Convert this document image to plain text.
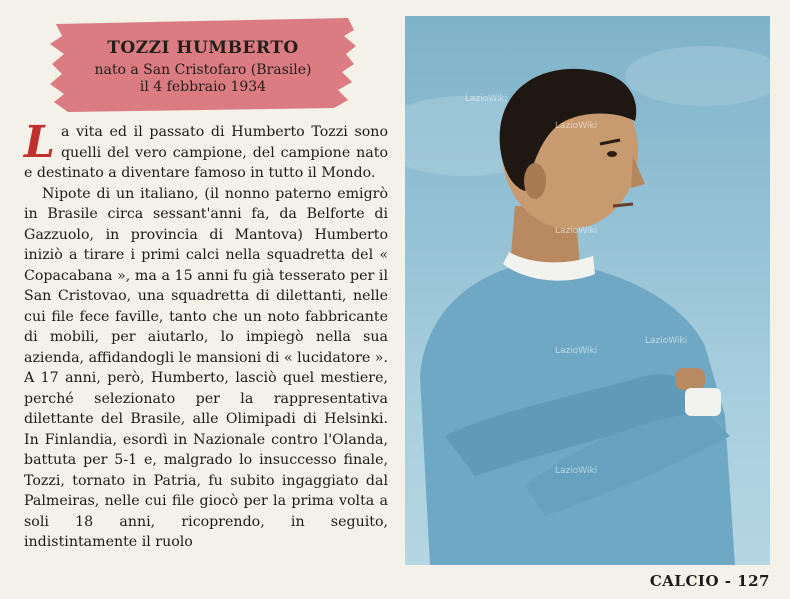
TOZZI HUMBERTO
nato a San Cristofaro (Brasile)
il 4 febbraio 1934

La vita ed il passato di Humberto Tozzi sono quelli del vero campione, del campione nato e destinato a diventare famoso in tutto il Mondo.

Nipote di un italiano, (il nonno paterno emigrò in Brasile circa sessant'anni fa, da Belforte di Gazzuolo, in provincia di Mantova) Humberto iniziò a tirare i primi calci nella squadretta del « Copacabana », ma a 15 anni fu già tesserato per il San Cristovao, una squadretta di dilettanti, nelle cui file fece faville, tanto che un noto fabbricante di mobili, per aiutarlo, lo impiegò nella sua azienda, affidandogli le mansioni di « lucidatore ». A 17 anni, però, Humberto, lasciò quel mestiere, perché selezionato per la rappresentativa dilettante del Brasile, alle Olimipadi di Helsinki. In Finlandia, esordì in Nazionale contro l'Olanda, battuta per 5-1 e, malgrado lo insuccesso finale, Tozzi, tornato in Patria, fu subito ingaggiato dal Palmeiras, nelle cui file giocò per la prima volta a soli 18 anni, ricoprendo, in seguito, indistintamente il ruolo

LazioWiki
LazioWiki
LazioWiki
LazioWiki
LazioWiki
LazioWiki
CALCIO - 127
